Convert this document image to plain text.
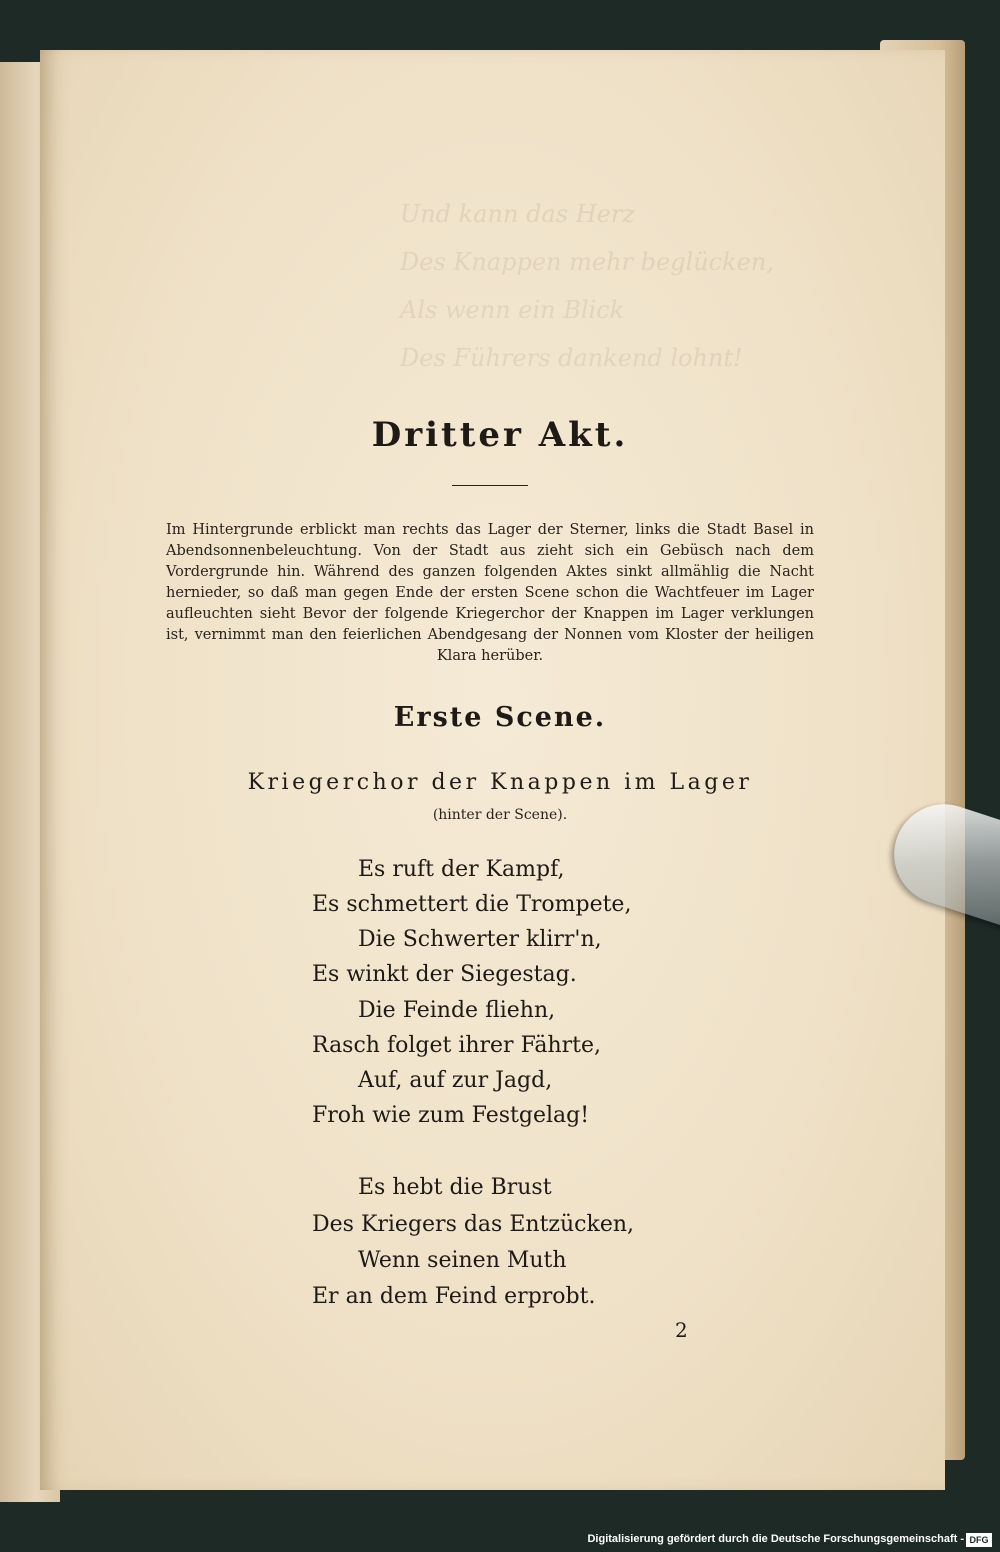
Und kann das Herz
Des Knappen mehr beglücken,
Als wenn ein Blick
Des Führers dankend lohnt!
Dritter Akt.

Im Hintergrunde erblickt man rechts das Lager der Sterner, links die Stadt Basel in Abendsonnenbeleuchtung. Von der Stadt aus zieht sich ein Gebüsch nach dem Vordergrunde hin. Während des ganzen folgenden Aktes sinkt allmählig die Nacht hernieder, so daß man gegen Ende der ersten Scene schon die Wachtfeuer im Lager aufleuchten sieht Bevor der folgende Kriegerchor der Knappen im Lager verklungen ist, vernimmt man den feierlichen Abendgesang der Nonnen vom Kloster der heiligen Klara herüber.

Erste Scene.

Kriegerchor der Knappen im Lager

(hinter der Scene).

Es ruft der Kampf,

Es schmettert die Trompete,

Die Schwerter klirr'n,

Es winkt der Siegestag.

Die Feinde fliehn,

Rasch folget ihrer Fährte,

Auf, auf zur Jagd,

Froh wie zum Festgelag!

Es hebt die Brust

Des Kriegers das Entzücken,

Wenn seinen Muth

Er an dem Feind erprobt.

2

Digitalisierung gefördert durch die Deutsche Forschungsgemeinschaft - DFG
